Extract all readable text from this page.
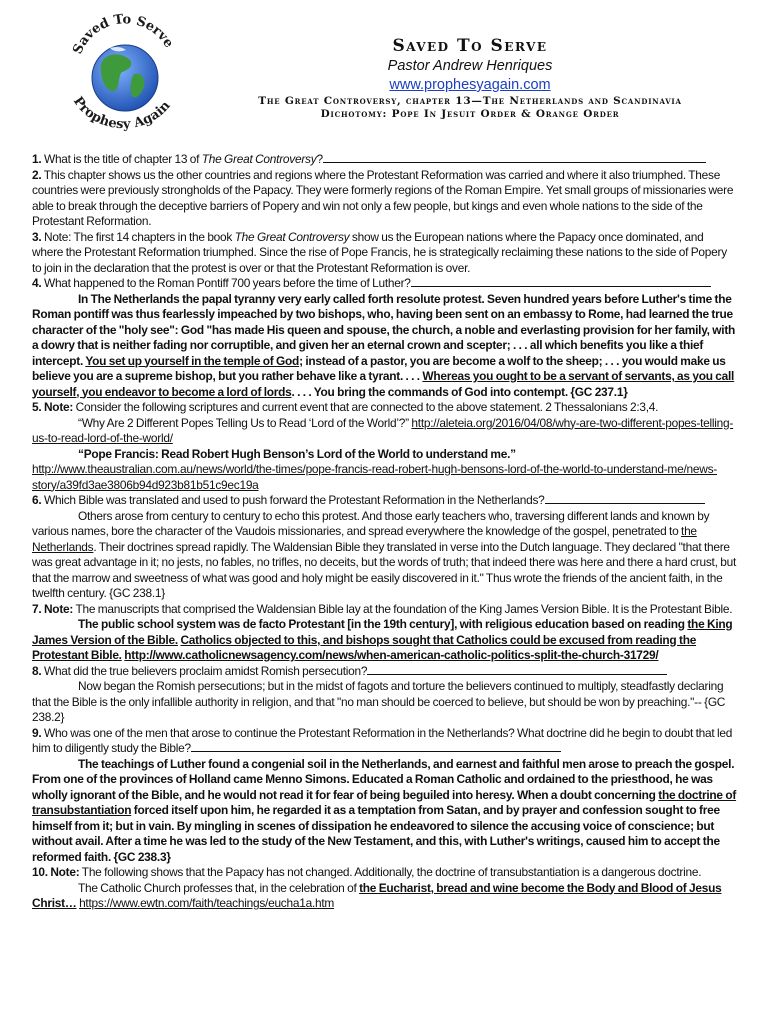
Saved To Serve
Prophesy Again
Saved To Serve
Pastor Andrew Henriques
www.prophesyagain.com
The Great Controversy, chapter 13—The Netherlands and Scandinavia
Dichotomy: Pope In Jesuit Order & Orange Order

1. What is the title of chapter 13 of The Great Controversy?

2. This chapter shows us the other countries and regions where the Protestant Reformation was carried and where it also triumphed. These countries were previously strongholds of the Papacy. They were formerly regions of the Roman Empire. Yet small groups of missionaries were able to break through the deceptive barriers of Popery and win not only a few people, but kings and even whole nations to the side of the Protestant Reformation.

3. Note: The first 14 chapters in the book The Great Controversy show us the European nations where the Papacy once dominated, and where the Protestant Reformation triumphed. Since the rise of Pope Francis, he is strategically reclaiming these nations to the side of Popery to join in the declaration that the protest is over or that the Protestant Reformation is over.

4. What happened to the Roman Pontiff 700 years before the time of Luther?

In The Netherlands the papal tyranny very early called forth resolute protest. Seven hundred years before Luther's time the Roman pontiff was thus fearlessly impeached by two bishops, who, having been sent on an embassy to Rome, had learned the true character of the "holy see": God "has made His queen and spouse, the church, a noble and everlasting provision for her family, with a dowry that is neither fading nor corruptible, and given her an eternal crown and scepter; . . . all which benefits you like a thief intercept. You set up yourself in the temple of God; instead of a pastor, you are become a wolf to the sheep; . . . you would make us believe you are a supreme bishop, but you rather behave like a tyrant. . . . Whereas you ought to be a servant of servants, as you call yourself, you endeavor to become a lord of lords. . . . You bring the commands of God into contempt. {GC 237.1}

5. Note: Consider the following scriptures and current event that are connected to the above statement. 2 Thessalonians 2:3,4.

“Why Are 2 Different Popes Telling Us to Read ‘Lord of the World’?” http://aleteia.org/2016/04/08/why-are-two-different-popes-telling-us-to-read-lord-of-the-world/

“Pope Francis: Read Robert Hugh Benson’s Lord of the World to understand me.” http://www.theaustralian.com.au/news/world/the-times/pope-francis-read-robert-hugh-bensons-lord-of-the-world-to-understand-me/news-story/a39fd3ae3806b94d923b81b51c9ec19a

6. Which Bible was translated and used to push forward the Protestant Reformation in the Netherlands?

Others arose from century to century to echo this protest. And those early teachers who, traversing different lands and known by various names, bore the character of the Vaudois missionaries, and spread everywhere the knowledge of the gospel, penetrated to the Netherlands. Their doctrines spread rapidly. The Waldensian Bible they translated in verse into the Dutch language. They declared "that there was great advantage in it; no jests, no fables, no trifles, no deceits, but the words of truth; that indeed there was here and there a hard crust, but that the marrow and sweetness of what was good and holy might be easily discovered in it." Thus wrote the friends of the ancient faith, in the twelfth century. {GC 238.1}

7. Note: The manuscripts that comprised the Waldensian Bible lay at the foundation of the King James Version Bible. It is the Protestant Bible.

The public school system was de facto Protestant [in the 19th century], with religious education based on reading the King James Version of the Bible. Catholics objected to this, and bishops sought that Catholics could be excused from reading the Protestant Bible. http://www.catholicnewsagency.com/news/when-american-catholic-politics-split-the-church-31729/

8. What did the true believers proclaim amidst Romish persecution?

Now began the Romish persecutions; but in the midst of fagots and torture the believers continued to multiply, steadfastly declaring that the Bible is the only infallible authority in religion, and that "no man should be coerced to believe, but should be won by preaching."-- {GC 238.2}

9. Who was one of the men that arose to continue the Protestant Reformation in the Netherlands? What doctrine did he begin to doubt that led him to diligently study the Bible?

The teachings of Luther found a congenial soil in the Netherlands, and earnest and faithful men arose to preach the gospel. From one of the provinces of Holland came Menno Simons. Educated a Roman Catholic and ordained to the priesthood, he was wholly ignorant of the Bible, and he would not read it for fear of being beguiled into heresy. When a doubt concerning the doctrine of transubstantiation forced itself upon him, he regarded it as a temptation from Satan, and by prayer and confession sought to free himself from it; but in vain. By mingling in scenes of dissipation he endeavored to silence the accusing voice of conscience; but without avail. After a time he was led to the study of the New Testament, and this, with Luther's writings, caused him to accept the reformed faith. {GC 238.3}

10. Note: The following shows that the Papacy has not changed. Additionally, the doctrine of transubstantiation is a dangerous doctrine.

The Catholic Church professes that, in the celebration of the Eucharist, bread and wine become the Body and Blood of Jesus Christ… https://www.ewtn.com/faith/teachings/eucha1a.htm
